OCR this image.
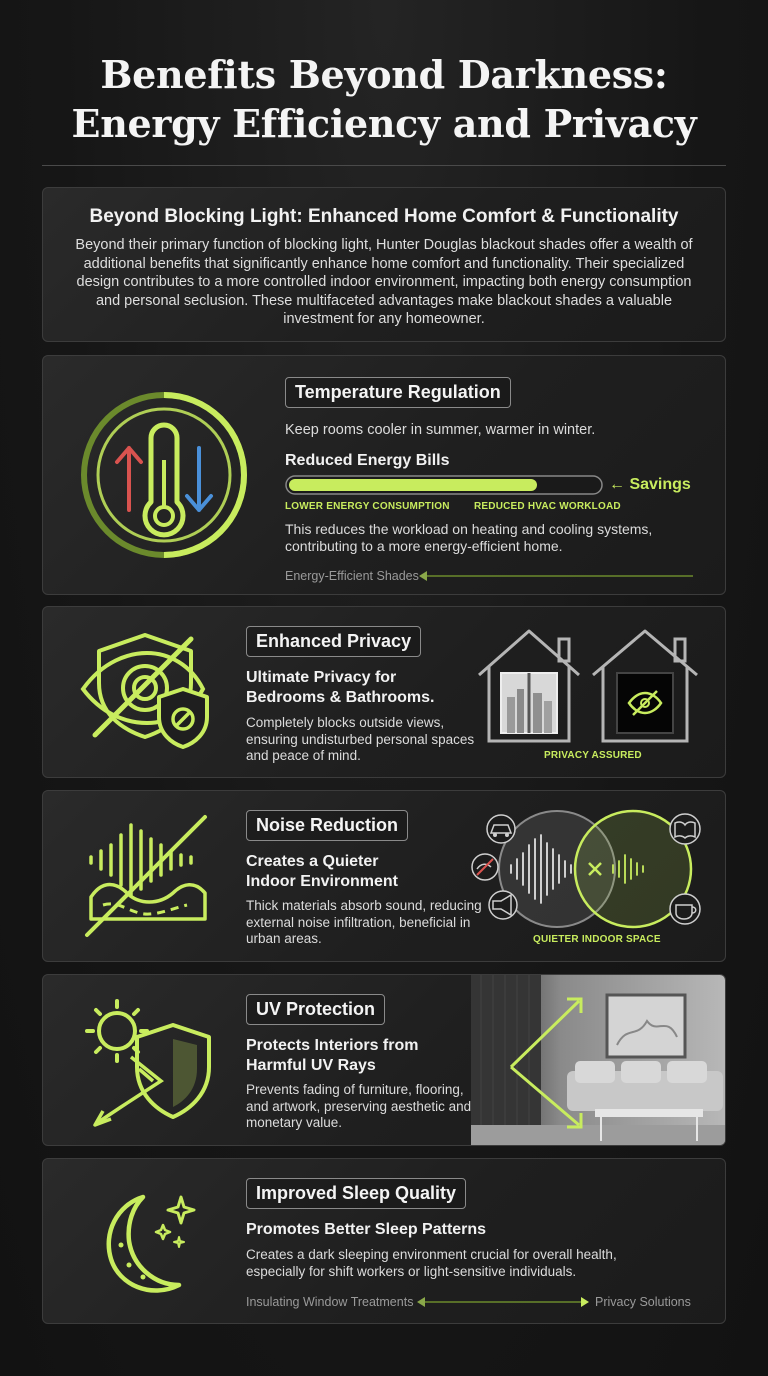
Benefits Beyond Darkness:
Energy Efficiency and Privacy
Beyond Blocking Light: Enhanced Home Comfort & Functionality

Beyond their primary function of blocking light, Hunter Douglas blackout shades offer a wealth of additional benefits that significantly enhance home comfort and functionality. Their specialized design contributes to a more controlled indoor environment, impacting both energy consumption and personal seclusion. These multifaceted advantages make blackout shades a valuable investment for any homeowner.

Temperature Regulation
Keep rooms cooler in summer, warmer in winter.
Reduced Energy Bills
← Savings
LOWER ENERGY CONSUMPTION REDUCED HVAC WORKLOAD
This reduces the workload on heating and cooling systems, contributing to a more energy-efficient home.
Energy-Efficient Shades
Enhanced Privacy
Ultimate Privacy for
Bedrooms & Bathrooms.
Completely blocks outside views, ensuring undisturbed personal spaces and peace of mind.	PRIVACY ASSURED
Noise Reduction
Creates a Quieter
Indoor Environment
Thick materials absorb sound, reducing external noise infiltration, beneficial in urban areas.	QUIETER INDOOR SPACE
UV Protection
Protects Interiors from
Harmful UV Rays
Prevents fading of furniture, flooring, and artwork, preserving aesthetic and monetary value.
Improved Sleep Quality
Promotes Better Sleep Patterns
Creates a dark sleeping environment crucial for overall health, especially for shift workers or light-sensitive individuals.
Insulating Window Treatments	Privacy Solutions
